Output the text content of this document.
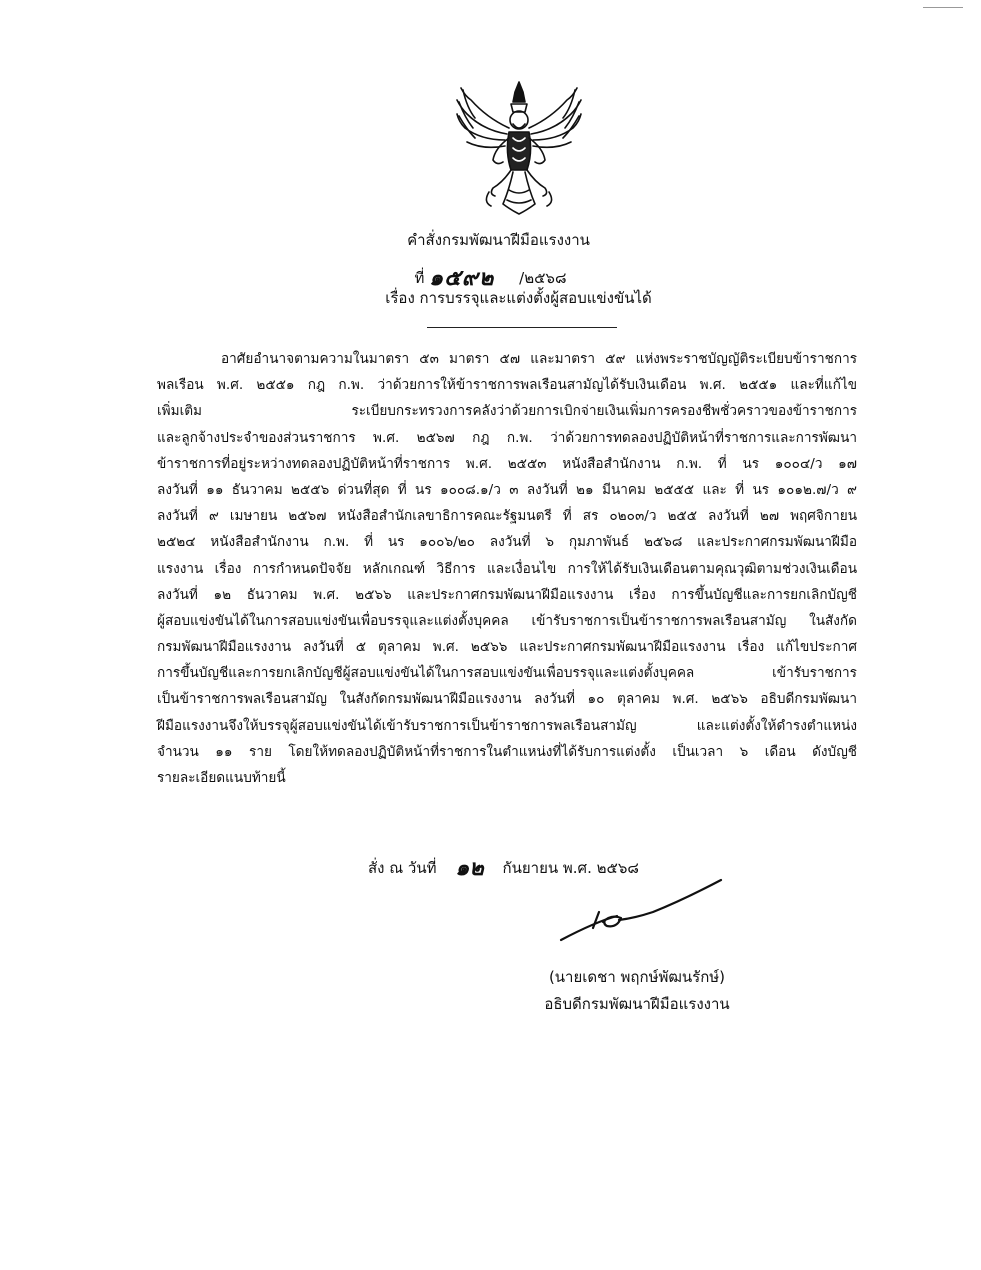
คำสั่งกรมพัฒนาฝีมือแรงงาน
ที่ ๑๕๙๒ /๒๕๖๘
เรื่อง การบรรจุและแต่งตั้งผู้สอบแข่งขันได้
อาศัยอำนาจตามความในมาตรา ๕๓ มาตรา ๕๗ และมาตรา ๕๙ แห่งพระราชบัญญัติระเบียบข้าราชการ
พลเรือน พ.ศ. ๒๕๕๑ กฎ ก.พ. ว่าด้วยการให้ข้าราชการพลเรือนสามัญได้รับเงินเดือน พ.ศ. ๒๕๕๑ และที่แก้ไข
เพิ่มเติม ระเบียบกระทรวงการคลังว่าด้วยการเบิกจ่ายเงินเพิ่มการครองชีพชั่วคราวของข้าราชการ
และลูกจ้างประจำของส่วนราชการ พ.ศ. ๒๕๖๗ กฎ ก.พ. ว่าด้วยการทดลองปฏิบัติหน้าที่ราชการและการพัฒนา
ข้าราชการที่อยู่ระหว่างทดลองปฏิบัติหน้าที่ราชการ พ.ศ. ๒๕๕๓ หนังสือสำนักงาน ก.พ. ที่ นร ๑๐๐๔/ว ๑๗
ลงวันที่ ๑๑ ธันวาคม ๒๕๕๖ ด่วนที่สุด ที่ นร ๑๐๐๘.๑/ว ๓ ลงวันที่ ๒๑ มีนาคม ๒๕๕๕ และ ที่ นร ๑๐๑๒.๗/ว ๙
ลงวันที่ ๙ เมษายน ๒๕๖๗ หนังสือสำนักเลขาธิการคณะรัฐมนตรี ที่ สร ๐๒๐๓/ว ๒๕๕ ลงวันที่ ๒๗ พฤศจิกายน
๒๕๒๔ หนังสือสำนักงาน ก.พ. ที่ นร ๑๐๐๖/๒๐ ลงวันที่ ๖ กุมภาพันธ์ ๒๕๖๘ และประกาศกรมพัฒนาฝีมือ
แรงงาน เรื่อง การกำหนดปัจจัย หลักเกณฑ์ วิธีการ และเงื่อนไข การให้ได้รับเงินเดือนตามคุณวุฒิตามช่วงเงินเดือน
ลงวันที่ ๑๒ ธันวาคม พ.ศ. ๒๕๖๖ และประกาศกรมพัฒนาฝีมือแรงงาน เรื่อง การขึ้นบัญชีและการยกเลิกบัญชี
ผู้สอบแข่งขันได้ในการสอบแข่งขันเพื่อบรรจุและแต่งตั้งบุคคล เข้ารับราชการเป็นข้าราชการพลเรือนสามัญ ในสังกัด
กรมพัฒนาฝีมือแรงงาน ลงวันที่ ๕ ตุลาคม พ.ศ. ๒๕๖๖ และประกาศกรมพัฒนาฝีมือแรงงาน เรื่อง แก้ไขประกาศ
การขึ้นบัญชีและการยกเลิกบัญชีผู้สอบแข่งขันได้ในการสอบแข่งขันเพื่อบรรจุและแต่งตั้งบุคคล เข้ารับราชการ
เป็นข้าราชการพลเรือนสามัญ ในสังกัดกรมพัฒนาฝีมือแรงงาน ลงวันที่ ๑๐ ตุลาคม พ.ศ. ๒๕๖๖ อธิบดีกรมพัฒนา
ฝีมือแรงงานจึงให้บรรจุผู้สอบแข่งขันได้เข้ารับราชการเป็นข้าราชการพลเรือนสามัญ และแต่งตั้งให้ดำรงตำแหน่ง
จำนวน ๑๑ ราย โดยให้ทดลองปฏิบัติหน้าที่ราชการในตำแหน่งที่ได้รับการแต่งตั้ง เป็นเวลา ๖ เดือน ดังบัญชี
รายละเอียดแนบท้ายนี้
สั่ง ณ วันที่ ๑๒ กันยายน พ.ศ. ๒๕๖๘
(นายเดชา พฤกษ์พัฒนรักษ์)
อธิบดีกรมพัฒนาฝีมือแรงงาน
